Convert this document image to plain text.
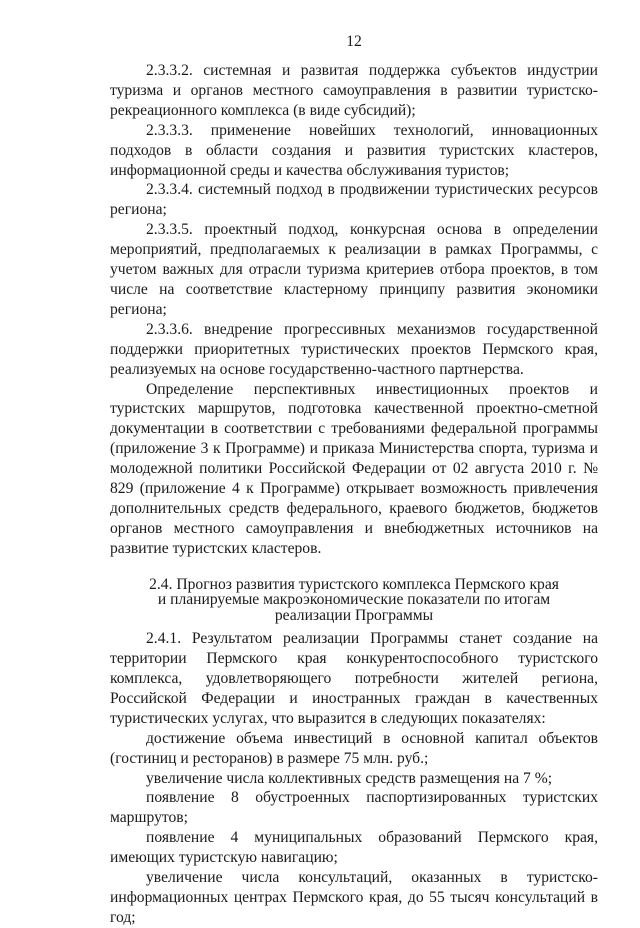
12

2.3.3.2. системная и развитая поддержка субъектов индустрии туризма и органов местного самоуправления в развитии туристско-рекреационного комплекса (в виде субсидий);

2.3.3.3. применение новейших технологий, инновационных подходов в области создания и развития туристских кластеров, информационной среды и качества обслуживания туристов;

2.3.3.4. системный подход в продвижении туристических ресурсов региона;

2.3.3.5. проектный подход, конкурсная основа в определении мероприятий, предполагаемых к реализации в рамках Программы, с учетом важных для отрасли туризма критериев отбора проектов, в том числе на соответствие кластерному принципу развития экономики региона;

2.3.3.6. внедрение прогрессивных механизмов государственной поддержки приоритетных туристических проектов Пермского края, реализуемых на основе государственно-частного партнерства.

Определение перспективных инвестиционных проектов и туристских маршрутов, подготовка качественной проектно-сметной документации в соответствии с требованиями федеральной программы (приложение 3 к Программе) и приказа Министерства спорта, туризма и молодежной политики Российской Федерации от 02 августа 2010 г. № 829 (приложение 4 к Программе) открывает возможность привлечения дополнительных средств федерального, краевого бюджетов, бюджетов органов местного самоуправления и внебюджетных источников на развитие туристских кластеров.

2.4. Прогноз развития туристского комплекса Пермского края
и планируемые макроэкономические показатели по итогам
реализации Программы

2.4.1. Результатом реализации Программы станет создание на территории Пермского края конкурентоспособного туристского комплекса, удовлетворяющего потребности жителей региона, Российской Федерации и иностранных граждан в качественных туристических услугах, что выразится в следующих показателях:

достижение объема инвестиций в основной капитал объектов (гостиниц и ресторанов) в размере 75 млн. руб.;

увеличение числа коллективных средств размещения на 7 %;

появление 8 обустроенных паспортизированных туристских маршрутов;

появление 4 муниципальных образований Пермского края, имеющих туристскую навигацию;

увеличение числа консультаций, оказанных в туристско-информационных центрах Пермского края, до 55 тысяч консультаций в год;
